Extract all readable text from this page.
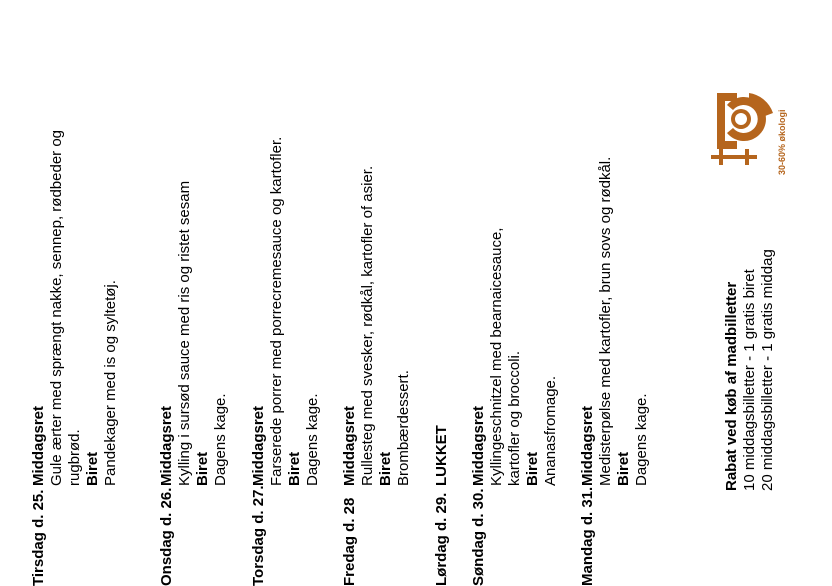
Tirsdag d. 25.
Middagsret Gule ærter med sprængt nakke, sennep, rødbeder og rugbrød. Biret Pandekager med is og syltetøj.
Onsdag d. 26.
Middagsret Kylling i sursød sauce med ris og ristet sesam Biret Dagens kage.
Torsdag d. 27.
Middagsret Farserede porrer med porrecremesauce og kartofler. Biret Dagens kage.
Fredag d. 28
Middagsret Rullesteg med svesker, rødkål, kartofler of asier. Biret Brombærdessert.
Lørdag d. 29.
LUKKET
Søndag d. 30.
Middagsret Kyllingeschnitzel med bearnaicesauce, kartofler og broccoli. Biret Ananasfromage.
Mandag d. 31.
Middagsret Medisterpølse med kartofler, brun sovs og rødkål. Biret Dagens kage.	Rabat ved køb af madbilletter 10 middagsbilletter - 1 gratis biret 20 middagsbilletter - 1 gratis middag
30-60% økologi
